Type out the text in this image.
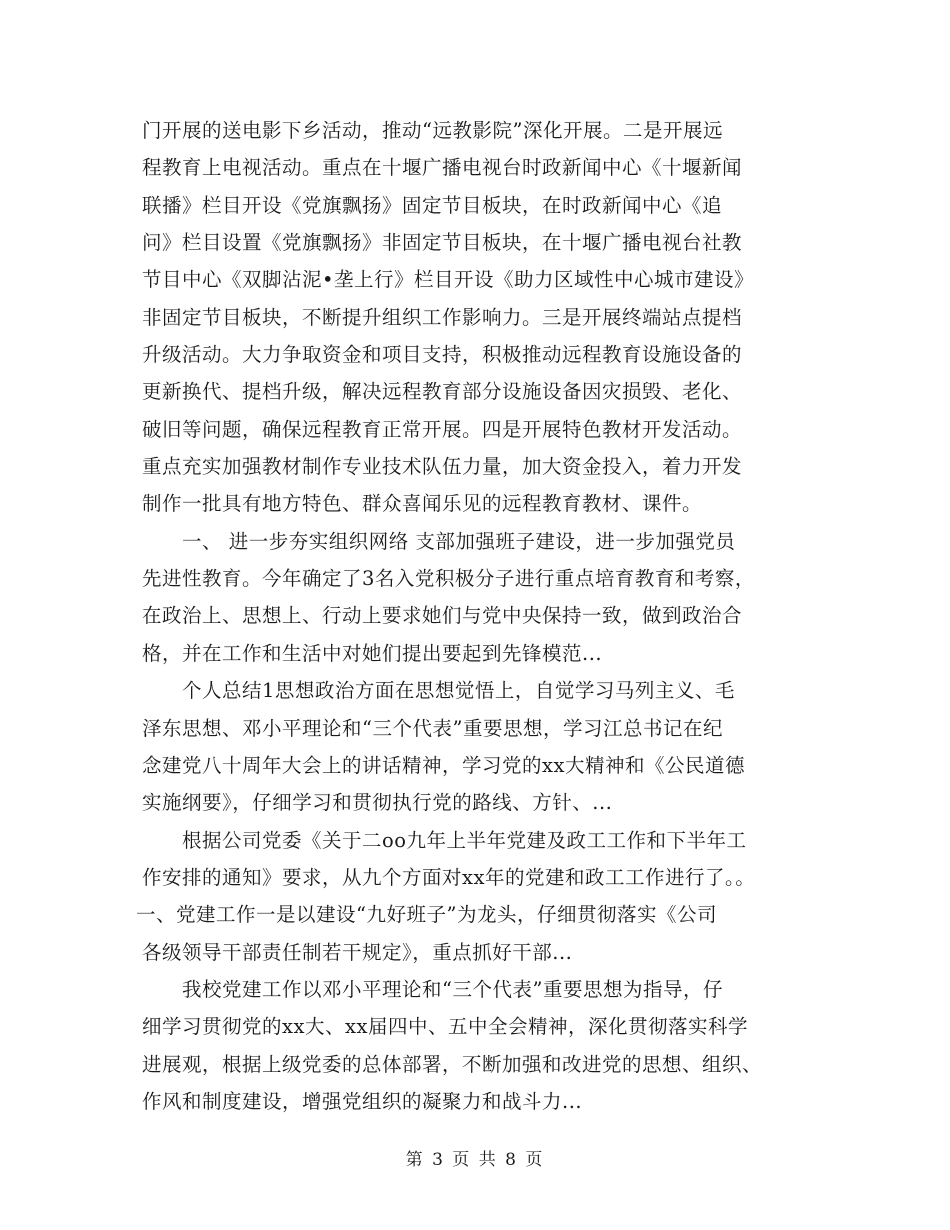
门开展的送电影下乡活动，推动“远教影院”深化开展。二是开展远
程教育上电视活动。重点在十堰广播电视台时政新闻中心《十堰新闻
联播》栏目开设《党旗飘扬》固定节目板块，在时政新闻中心《追
问》栏目设置《党旗飘扬》非固定节目板块，在十堰广播电视台社教
节目中心《双脚沾泥•垄上行》栏目开设《助力区域性中心城市建设》
非固定节目板块，不断提升组织工作影响力。三是开展终端站点提档
升级活动。大力争取资金和项目支持，积极推动远程教育设施设备的
更新换代、提档升级，解决远程教育部分设施设备因灾损毁、老化、
破旧等问题，确保远程教育正常开展。四是开展特色教材开发活动。
重点充实加强教材制作专业技术队伍力量，加大资金投入，着力开发
制作一批具有地方特色、群众喜闻乐见的远程教育教材、课件。
一、 进一步夯实组织网络 支部加强班子建设，进一步加强党员
先进性教育。今年确定了3名入党积极分子进行重点培育教育和考察，
在政治上、思想上、行动上要求她们与党中央保持一致，做到政治合
格，并在工作和生活中对她们提出要起到先锋模范...
个人总结1思想政治方面在思想觉悟上，自觉学习马列主义、毛
泽东思想、邓小平理论和“三个代表”重要思想，学习江总书记在纪
念建党八十周年大会上的讲话精神，学习党的xx大精神和《公民道德
实施纲要》，仔细学习和贯彻执行党的路线、方针、...
根据公司党委《关于二oo九年上半年党建及政工工作和下半年工
作安排的通知》要求，从九个方面对xx年的党建和政工工作进行了。。
一、党建工作一是以建设“九好班子”为龙头，仔细贯彻落实《公司
各级领导干部责任制若干规定》，重点抓好干部...
我校党建工作以邓小平理论和“三个代表”重要思想为指导，仔
细学习贯彻党的xx大、xx届四中、五中全会精神，深化贯彻落实科学
进展观，根据上级党委的总体部署，不断加强和改进党的思想、组织、
作风和制度建设，增强党组织的凝聚力和战斗力...
第 3 页 共 8 页
